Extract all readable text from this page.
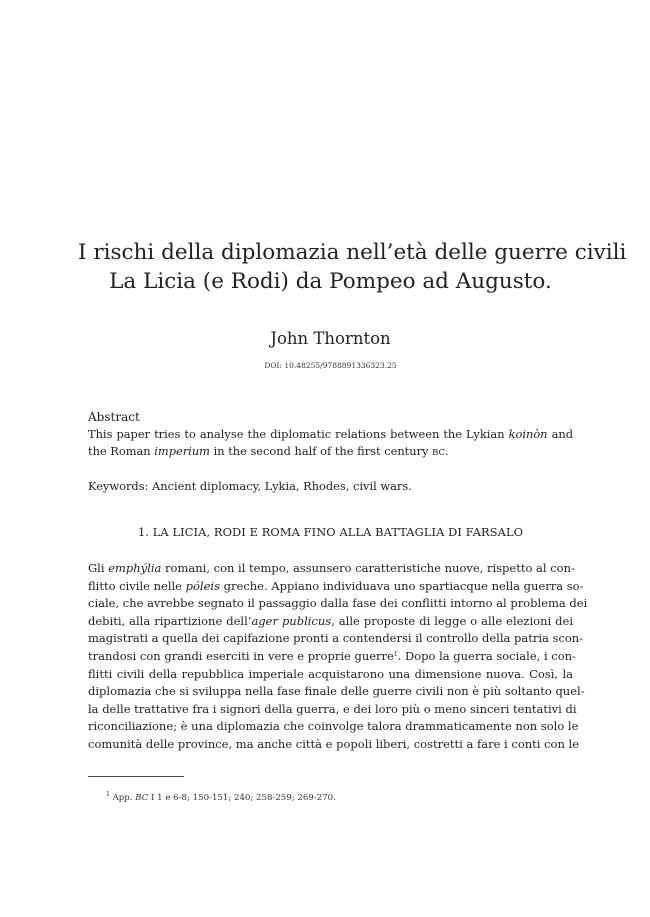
I rischi della diplomazia nell’età delle guerre civili
La Licia (e Rodi) da Pompeo ad Augusto.
John Thornton
DOI: 10.48255/9788891336323.25
Abstract

This paper tries to analyse the diplomatic relations between the Lykian koinòn and the Roman imperium in the second half of the first century BC.

Keywords: Ancient diplomacy, Lykia, Rhodes, civil wars.
1. LA LICIA, RODI E ROMA FINO ALLA BATTAGLIA DI FARSALO

Gli emphýlia romani, con il tempo, assunsero caratteristiche nuove, rispetto al con-
flitto civile nelle póleis greche. Appiano individuava uno spartiacque nella guerra so-
ciale, che avrebbe segnato il passaggio dalla fase dei conflitti intorno al problema dei
debiti, alla ripartizione dell’ager publicus, alle proposte di legge o alle elezioni dei
magistrati a quella dei capifazione pronti a contendersi il controllo della patria scon-
trandosi con grandi eserciti in vere e proprie guerre$^1$. Dopo la guerra sociale, i con-
flitti civili della repubblica imperiale acquistarono una dimensione nuova. Così, la
diplomazia che si sviluppa nella fase finale delle guerre civili non è più soltanto quel-
la delle trattative fra i signori della guerra, e dei loro più o meno sinceri tentativi di
riconciliazione; è una diplomazia che coinvolge talora drammaticamente non solo le
comunità delle province, ma anche città e popoli liberi, costretti a fare i conti con le

$^1$ App. BC I 1 e 6-8; 150-151; 240; 258-259; 269-270.
